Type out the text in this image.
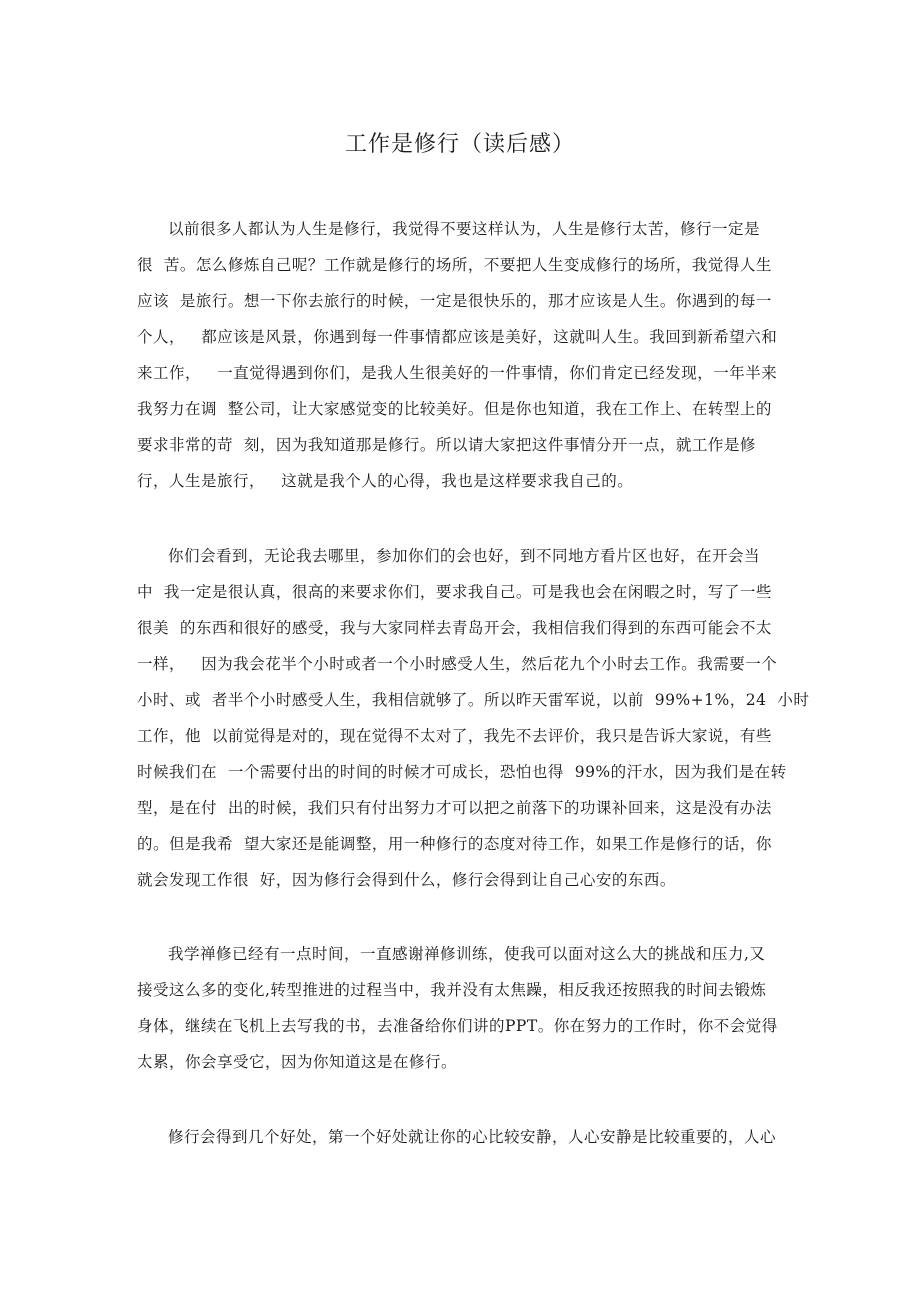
工作是修行（读后感）
以前很多人都认为人生是修行，我觉得不要这样认为，人生是修行太苦，修行一定是
很  苦。怎么修炼自己呢？工作就是修行的场所，不要把人生变成修行的场所，我觉得人生
应该  是旅行。想一下你去旅行的时候，一定是很快乐的，那才应该是人生。你遇到的每一
个人，   都应该是风景，你遇到每一件事情都应该是美好，这就叫人生。我回到新希望六和
来工作，   一直觉得遇到你们，是我人生很美好的一件事情，你们肯定已经发现，一年半来
我努力在调  整公司，让大家感觉变的比较美好。但是你也知道，我在工作上、在转型上的
要求非常的苛  刻，因为我知道那是修行。所以请大家把这件事情分开一点，就工作是修
行，人生是旅行，   这就是我个人的心得，我也是这样要求我自己的。
你们会看到，无论我去哪里，参加你们的会也好，到不同地方看片区也好，在开会当
中  我一定是很认真，很高的来要求你们，要求我自己。可是我也会在闲暇之时，写了一些
很美  的东西和很好的感受，我与大家同样去青岛开会，我相信我们得到的东西可能会不太
一样，   因为我会花半个小时或者一个小时感受人生，然后花九个小时去工作。我需要一个
小时、或  者半个小时感受人生，我相信就够了。所以昨天雷军说，以前  99%+1%，24  小时
工作，他  以前觉得是对的，现在觉得不太对了，我先不去评价，我只是告诉大家说，有些
时候我们在  一个需要付出的时间的时候才可成长，恐怕也得  99%的汗水，因为我们是在转
型，是在付  出的时候，我们只有付出努力才可以把之前落下的功课补回来，这是没有办法
的。但是我希  望大家还是能调整，用一种修行的态度对待工作，如果工作是修行的话，你
就会发现工作很  好，因为修行会得到什么，修行会得到让自己心安的东西。
我学禅修已经有一点时间，一直感谢禅修训练，使我可以面对这么大的挑战和压力,又
接受这么多的变化,转型推进的过程当中，我并没有太焦躁，相反我还按照我的时间去锻炼
身体，继续在飞机上去写我的书，去准备给你们讲的PPT。你在努力的工作时，你不会觉得
太累，你会享受它，因为你知道这是在修行。
修行会得到几个好处，第一个好处就让你的心比较安静，人心安静是比较重要的，人心
